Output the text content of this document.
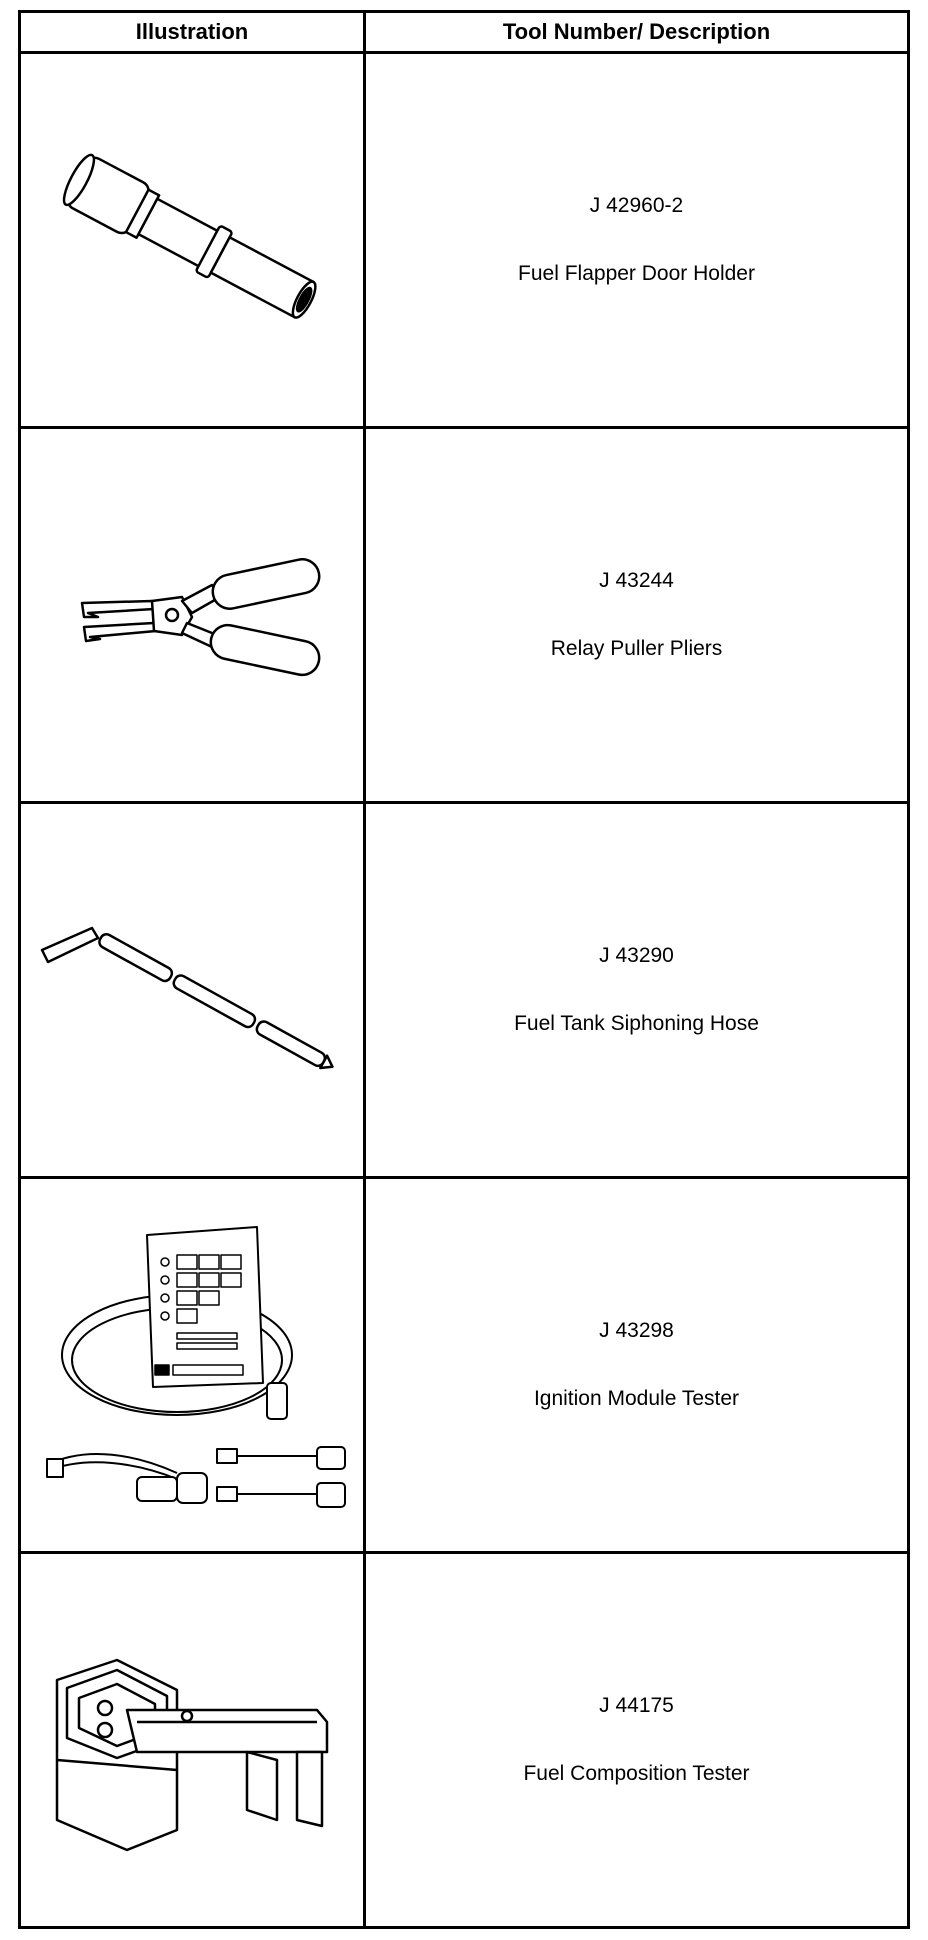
Illustration	Tool Number/ Description

J 42960-2
Fuel Flapper Door Holder

J 43244
Relay Puller Pliers

J 43290
Fuel Tank Siphoning Hose

J 43298
Ignition Module Tester

J 44175
Fuel Composition Tester
